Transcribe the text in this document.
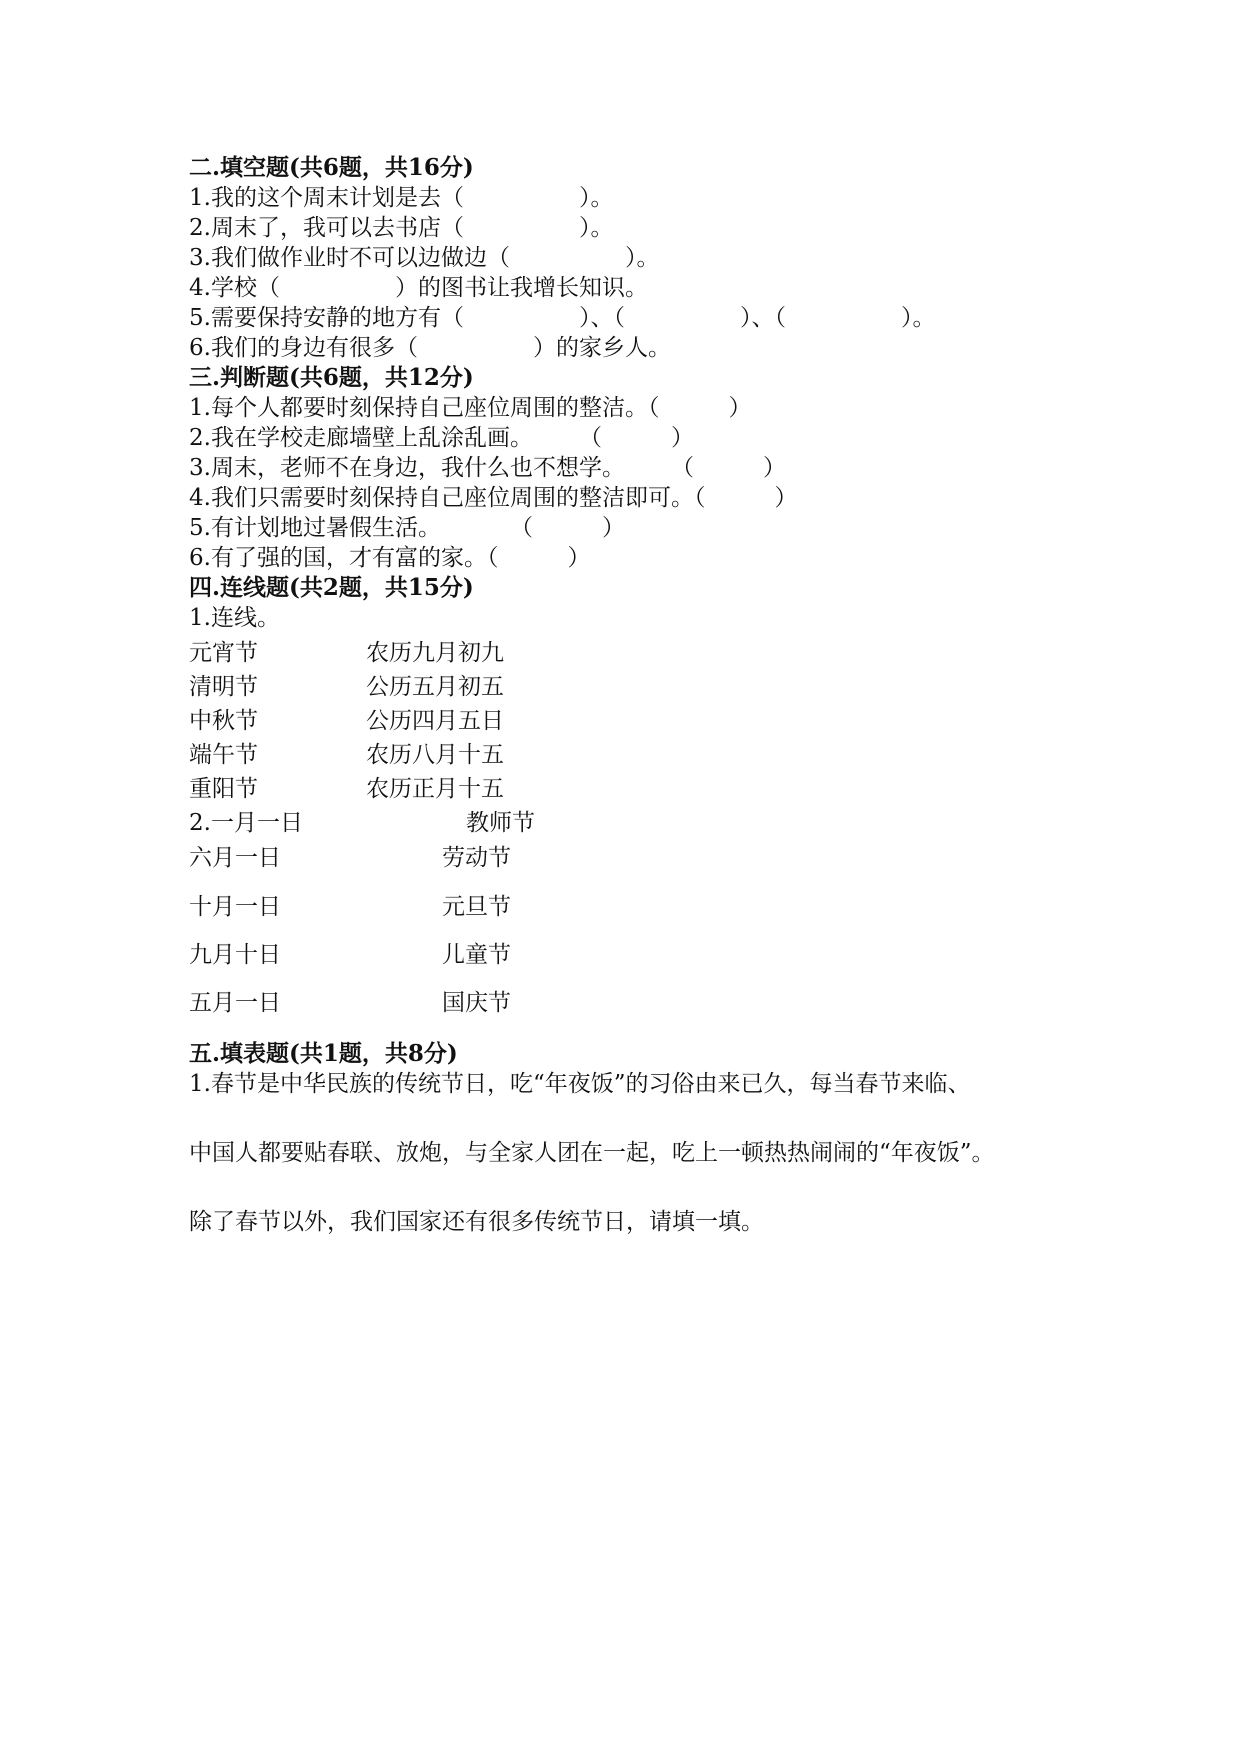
二.填空题(共6题，共16分)
1.我的这个周末计划是去（　　　　　）。
2.周末了，我可以去书店（　　　　　）。
3.我们做作业时不可以边做边（　　　　　）。
4.学校（　　　　　）的图书让我增长知识。
5.需要保持安静的地方有（　　　　　）、（　　　　　）、（　　　　　）。
6.我们的身边有很多（　　　　　）的家乡人。
三.判断题(共6题，共12分)
1.每个人都要时刻保持自己座位周围的整洁。（　　　）
2.我在学校走廊墙壁上乱涂乱画。　　　（　　　）
3.周末，老师不在身边，我什么也不想学。　　　（　　　）
4.我们只需要时刻保持自己座位周围的整洁即可。（　　　）
5.有计划地过暑假生活。　　　　（　　　）
6.有了强的国，才有富的家。（　　　）
四.连线题(共2题，共15分)
1.连线。
元宵节	农历九月初九
清明节	公历五月初五
中秋节	公历四月五日
端午节	农历八月十五
重阳节	农历正月十五
2.一月一日	教师节
六月一日	劳动节
十月一日	元旦节
九月十日	儿童节
五月一日	国庆节
五.填表题(共1题，共8分)
1.春节是中华民族的传统节日，吃“年夜饭”的习俗由来已久，每当春节来临、
中国人都要贴春联、放炮，与全家人团在一起，吃上一顿热热闹闹的“年夜饭”。
除了春节以外，我们国家还有很多传统节日，请填一填。
